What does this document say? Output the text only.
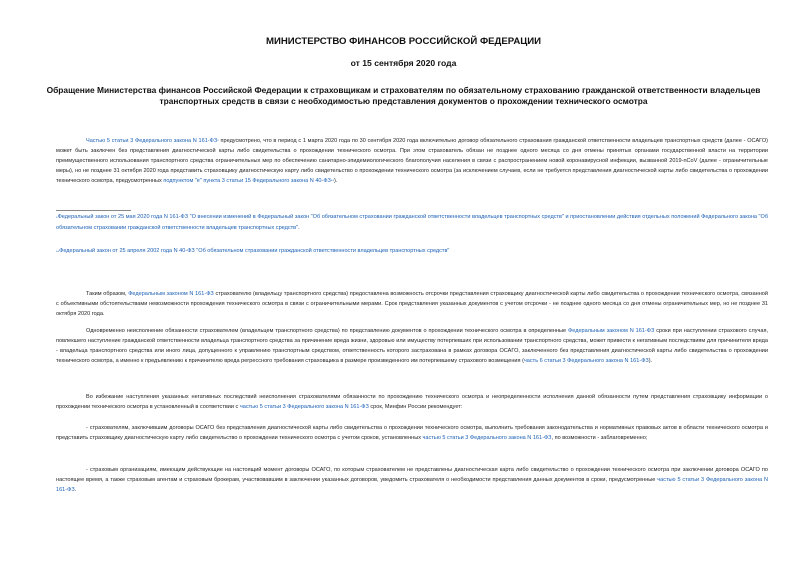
МИНИСТЕРСТВО ФИНАНСОВ РОССИЙСКОЙ ФЕДЕРАЦИИ
от 15 сентября 2020 года
Обращение Министерства финансов Российской Федерации к страховщикам и страхователям по обязательному страхованию гражданской ответственности владельцев транспортных средств в связи с необходимостью представления документов о прохождении технического осмотра
Частью 5 статьи 3 Федерального закона N 161-ФЗ* предусмотрено, что в период с 1 марта 2020 года по 30 сентября 2020 года включительно договор обязательного страхования гражданской ответственности владельцев транспортных средств (далее - ОСАГО) может быть заключен без представления диагностической карты либо свидетельства о прохождении технического осмотра. При этом страхователь обязан не позднее одного месяца со дня отмены принятых органами государственной власти на территории преимущественного использования транспортного средства ограничительных мер по обеспечению санитарно-эпидемиологического благополучия населения в связи с распространением новой коронавирусной инфекции, вызванной 2019-nCoV (далее - ограничительные меры), но не позднее 31 октября 2020 года представить страховщику диагностическую карту либо свидетельство о прохождении технического осмотра (за исключением случаев, если не требуется представления диагностической карты либо свидетельства о прохождении технического осмотра, предусмотренных подпунктом "е" пункта 3 статьи 15 Федерального закона N 40-ФЗ**).
*Федеральный закон от 25 мая 2020 года N 161-ФЗ "О внесении изменений в Федеральный закон "Об обязательном страховании гражданской ответственности владельцев транспортных средств" и приостановлении действия отдельных положений Федерального закона "Об обязательном страховании гражданской ответственности владельцев транспортных средств".
**Федеральный закон от 25 апреля 2002 года N 40-ФЗ "Об обязательном страховании гражданской ответственности владельцев транспортных средств"
Таким образом, Федеральным законом N 161-ФЗ страхователю (владельцу транспортного средства) предоставлена возможность отсрочки представления страховщику диагностической карты либо свидетельства о прохождении технического осмотра, связанной с объективными обстоятельствами невозможности прохождения технического осмотра в связи с ограничительными мерами. Срок представления указанных документов с учетом отсрочки - не позднее одного месяца со дня отмены ограничительных мер, но не позднее 31 октября 2020 года.
Одновременно неисполнение обязанности страхователем (владельцем транспортного средства) по представлению документов о прохождении технического осмотра в определенные Федеральным законом N 161-ФЗ сроки при наступлении страхового случая, повлекшего наступление гражданской ответственности владельца транспортного средства за причинение вреда жизни, здоровью или имуществу потерпевших при использовании транспортного средства, может привести к негативным последствиям для причинителя вреда - владельца транспортного средства или иного лица, допущенного к управлению транспортным средством, ответственность которого застрахована в рамках договора ОСАГО, заключенного без представления диагностической карты либо свидетельства о прохождении технического осмотра, а именно к предъявлению к причинителю вреда регрессного требования страховщика в размере произведенного им потерпевшему страхового возмещения (часть 6 статьи 3 Федерального закона N 161-ФЗ).
Во избежание наступления указанных негативных последствий неисполнения страхователями обязанности по прохождению технического осмотра и неопределенности исполнения данной обязанности путем представления страховщику информации о прохождении технического осмотра в установленный в соответствии с частью 5 статьи 3 Федерального закона N 161-ФЗ срок, Минфин России рекомендует:
- страхователям, заключившим договоры ОСАГО без представления диагностической карты либо свидетельства о прохождении технического осмотра, выполнить требования законодательства и нормативных правовых актов в области технического осмотра и представить страховщику диагностическую карту либо свидетельство о прохождении технического осмотра с учетом сроков, установленных частью 5 статьи 3 Федерального закона N 161-ФЗ, по возможности - заблаговременно;
- страховым организациям, имеющим действующие на настоящий момент договоры ОСАГО, по которым страхователем не представлены диагностическая карта либо свидетельство о прохождении технического осмотра при заключении договора ОСАГО по настоящее время, а также страховым агентам и страховым брокерам, участвовавшим в заключении указанных договоров, уведомить страхователя о необходимости представления данных документов в сроки, предусмотренные частью 5 статьи 3 Федерального закона N 161-ФЗ.
